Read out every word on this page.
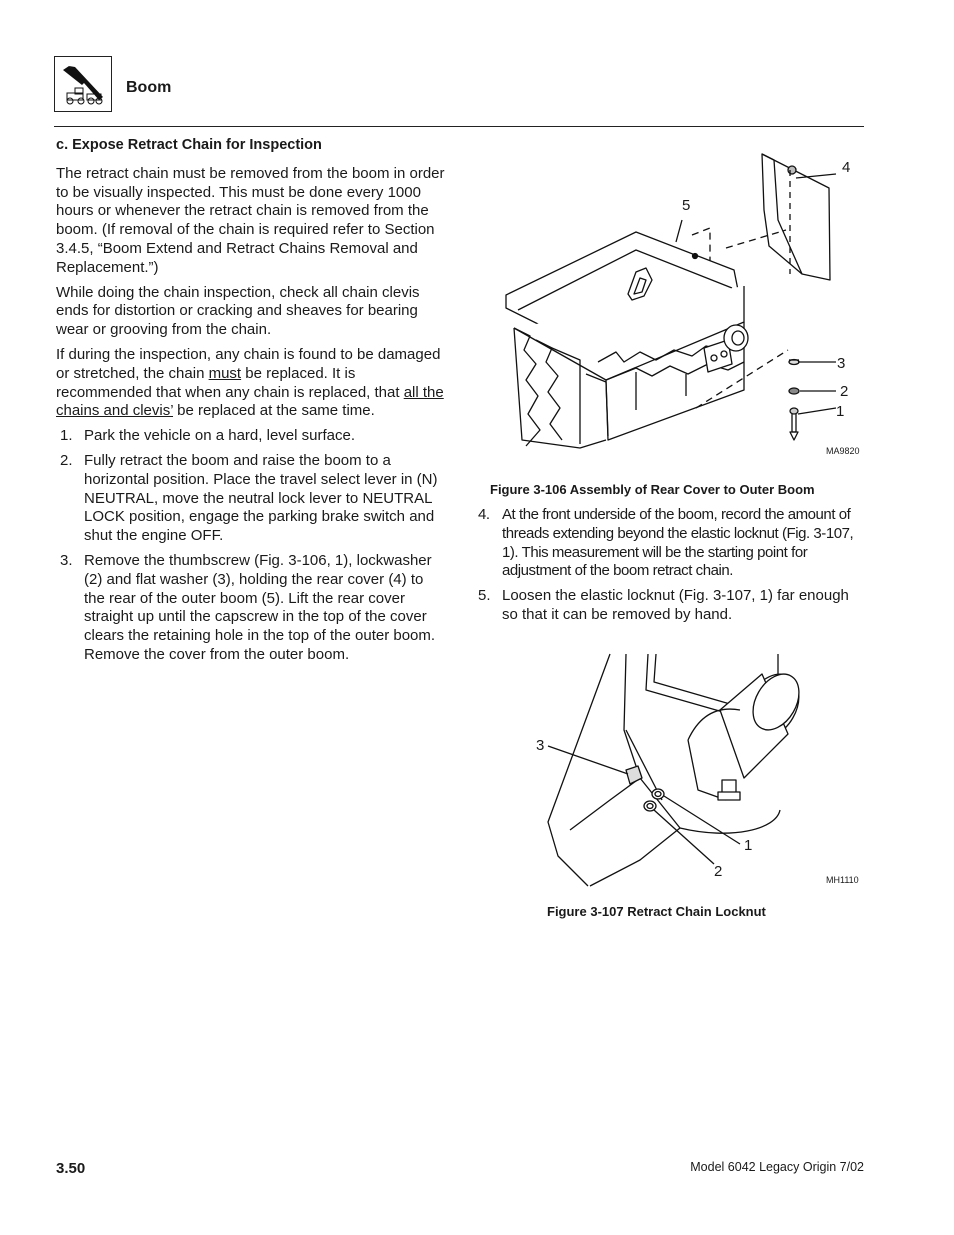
Boom
c. Expose Retract Chain for Inspection

The retract chain must be removed from the boom in order to be visually inspected. This must be done every 1000 hours or whenever the retract chain is removed from the boom. (If removal of the chain is required refer to Section 3.4.5, “Boom Extend and Retract Chains Removal and Replacement.”)

While doing the chain inspection, check all chain clevis ends for distortion or cracking and sheaves for bearing wear or grooving from the chain.

If during the inspection, any chain is found to be damaged or stretched, the chain must be replaced. It is recommended that when any chain is replaced, that all the chains and clevis’ be replaced at the same time.

1. Park the vehicle on a hard, level surface.
2. Fully retract the boom and raise the boom to a horizontal position. Place the travel select lever in (N) NEUTRAL, move the neutral lock lever to NEUTRAL LOCK position, engage the parking brake switch and shut the engine OFF.
3. Remove the thumbscrew (Fig. 3-106, 1), lockwasher (2) and flat washer (3), holding the rear cover (4) to the rear of the outer boom (5). Lift the rear cover straight up until the capscrew in the top of the cover clears the retaining hole in the top of the outer boom. Remove the cover from the outer boom.
4
5
3
2
1
MA9820
Figure 3-106 Assembly of Rear Cover to Outer Boom
4. At the front underside of the boom, record the amount of threads extending beyond the elastic locknut (Fig. 3-107, 1). This measurement will be the starting point for adjustment of the boom retract chain.
5. Loosen the elastic locknut (Fig. 3-107, 1) far enough so that it can be removed by hand.
3
1
2	MH1110
Figure 3-107 Retract Chain Locknut
3.50	Model 6042 Legacy Origin 7/02
